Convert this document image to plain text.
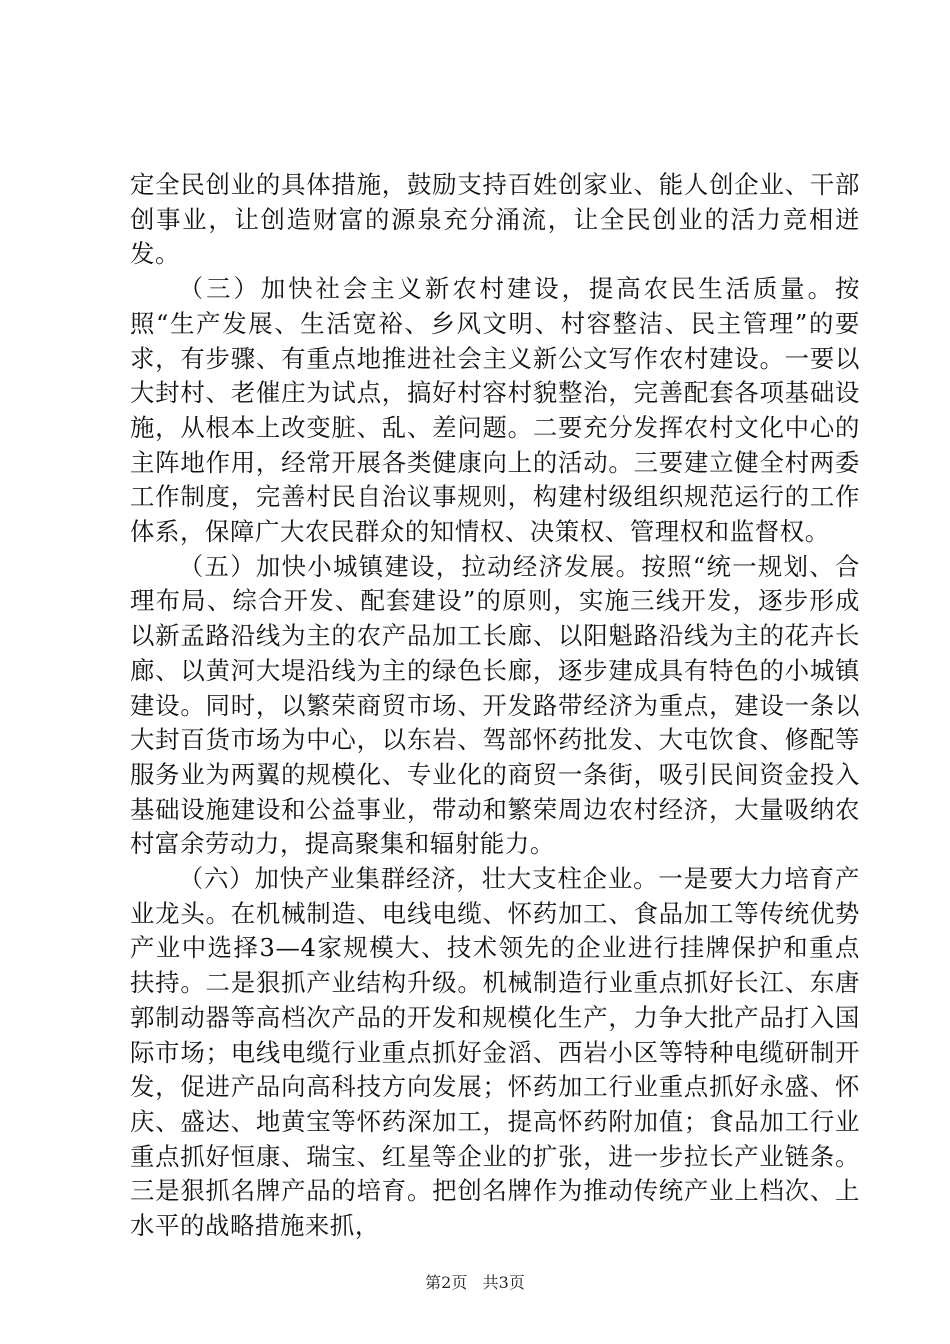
定全民创业的具体措施，鼓励支持百姓创家业、能人创企业、干部创事业，让创造财富的源泉充分涌流，让全民创业的活力竞相迸发。

（三）加快社会主义新农村建设，提高农民生活质量。按照“生产发展、生活宽裕、乡风文明、村容整洁、民主管理”的要求，有步骤、有重点地推进社会主义新公文写作农村建设。一要以大封村、老催庄为试点，搞好村容村貌整治，完善配套各项基础设施，从根本上改变脏、乱、差问题。二要充分发挥农村文化中心的主阵地作用，经常开展各类健康向上的活动。三要建立健全村两委工作制度，完善村民自治议事规则，构建村级组织规范运行的工作体系，保障广大农民群众的知情权、决策权、管理权和监督权。

（五）加快小城镇建设，拉动经济发展。按照“统一规划、合理布局、综合开发、配套建设”的原则，实施三线开发，逐步形成以新孟路沿线为主的农产品加工长廊、以阳魁路沿线为主的花卉长廊、以黄河大堤沿线为主的绿色长廊，逐步建成具有特色的小城镇建设。同时，以繁荣商贸市场、开发路带经济为重点，建设一条以大封百货市场为中心，以东岩、驾部怀药批发、大屯饮食、修配等服务业为两翼的规模化、专业化的商贸一条街，吸引民间资金投入基础设施建设和公益事业，带动和繁荣周边农村经济，大量吸纳农村富余劳动力，提高聚集和辐射能力。

（六）加快产业集群经济，壮大支柱企业。一是要大力培育产业龙头。在机械制造、电线电缆、怀药加工、食品加工等传统优势产业中选择3—4家规模大、技术领先的企业进行挂牌保护和重点扶持。二是狠抓产业结构升级。机械制造行业重点抓好长江、东唐郭制动器等高档次产品的开发和规模化生产，力争大批产品打入国际市场；电线电缆行业重点抓好金滔、西岩小区等特种电缆研制开发，促进产品向高科技方向发展；怀药加工行业重点抓好永盛、怀庆、盛达、地黄宝等怀药深加工，提高怀药附加值；食品加工行业重点抓好恒康、瑞宝、红星等企业的扩张，进一步拉长产业链条。三是狠抓名牌产品的培育。把创名牌作为推动传统产业上档次、上水平的战略措施来抓，

第2页 共3页
